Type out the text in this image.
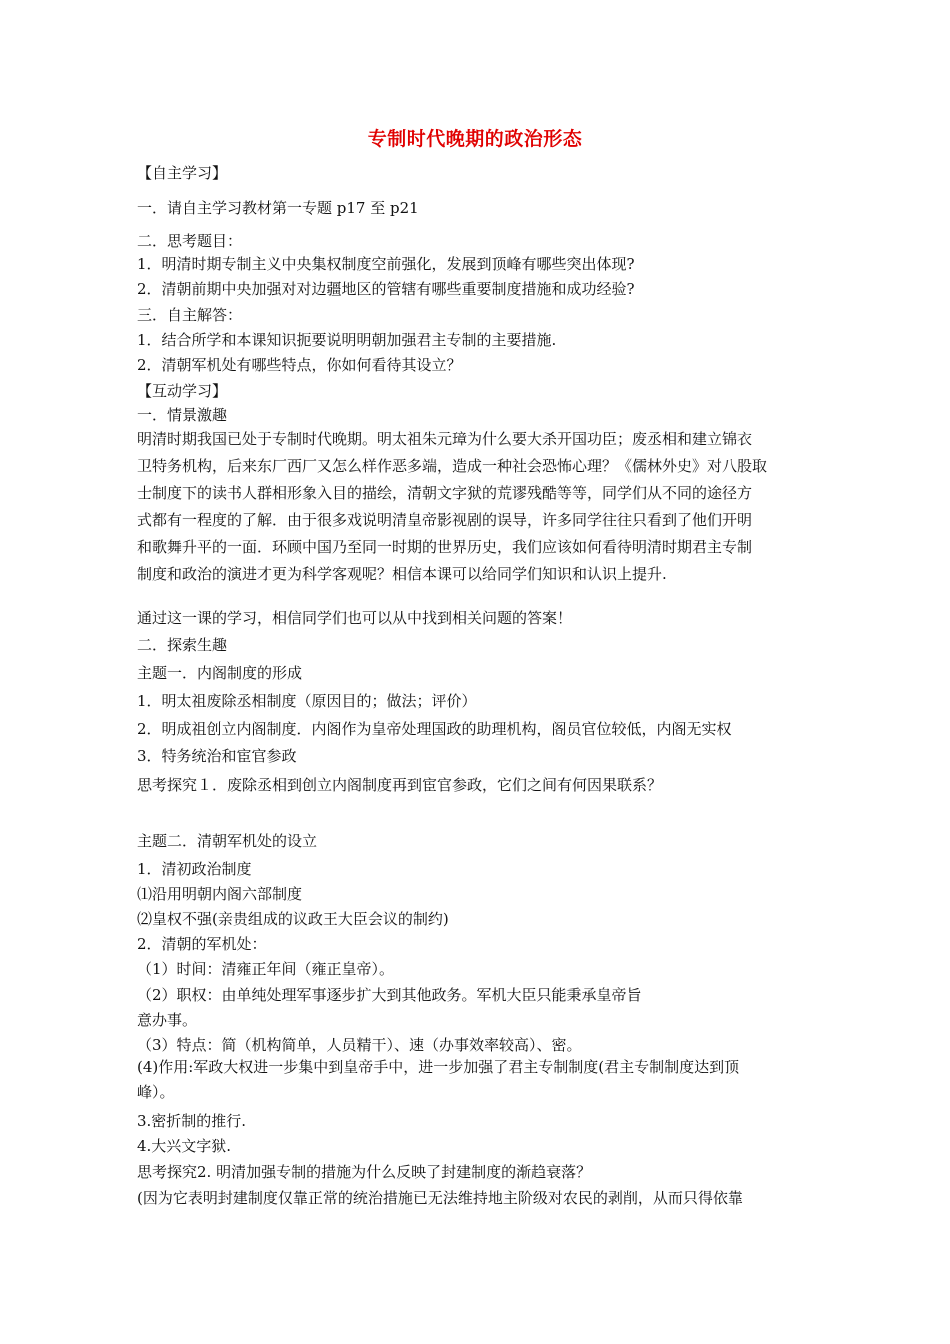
专制时代晚期的政治形态
【自主学习】
一．请自主学习教材第一专题 p17 至 p21
二．思考题目：
1．明清时期专制主义中央集权制度空前强化，发展到顶峰有哪些突出体现?
2．清朝前期中央加强对对边疆地区的管辖有哪些重要制度措施和成功经验?
三．自主解答：
1．结合所学和本课知识扼要说明明朝加强君主专制的主要措施.
2．清朝军机处有哪些特点，你如何看待其设立？
【互动学习】
一．情景激趣

明清时期我国已处于专制时代晚期。明太祖朱元璋为什么要大杀开国功臣；废丞相和建立锦衣

卫特务机构，后来东厂西厂又怎么样作恶多端，造成一种社会恐怖心理？《儒林外史》对八股取

士制度下的读书人群相形象入目的描绘，清朝文字狱的荒谬残酷等等，同学们从不同的途径方

式都有一程度的了解．由于很多戏说明清皇帝影视剧的误导，许多同学往往只看到了他们开明

和歌舞升平的一面．环顾中国乃至同一时期的世界历史，我们应该如何看待明清时期君主专制

制度和政治的演进才更为科学客观呢？相信本课可以给同学们知识和认识上提升.

通过这一课的学习，相信同学们也可以从中找到相关问题的答案！
二．探索生趣
主题一．内阁制度的形成
1．明太祖废除丞相制度（原因目的；做法；评价）
2．明成祖创立内阁制度．内阁作为皇帝处理国政的助理机构，阁员官位较低，内阁无实权
3．特务统治和宦官参政
思考探究１．废除丞相到创立内阁制度再到宦官参政，它们之间有何因果联系？
主题二．清朝军机处的设立
1．清初政治制度
⑴沿用明朝内阁六部制度
⑵皇权不强(亲贵组成的议政王大臣会议的制约)
2．清朝的军机处：
（1）时间：清雍正年间（雍正皇帝）。
（2）职权：由单纯处理军事逐步扩大到其他政务。军机大臣只能秉承皇帝旨
意办事。
（3）特点：简（机构简单，人员精干）、速（办事效率较高）、密。

(4)作用:军政大权进一步集中到皇帝手中，进一步加强了君主专制制度(君主专制制度达到顶

峰）。

3.密折制的推行.
4.大兴文字狱.
思考探究2. 明清加强专制的措施为什么反映了封建制度的渐趋衰落？
(因为它表明封建制度仅靠正常的统治措施已无法维持地主阶级对农民的剥削，从而只得依靠
